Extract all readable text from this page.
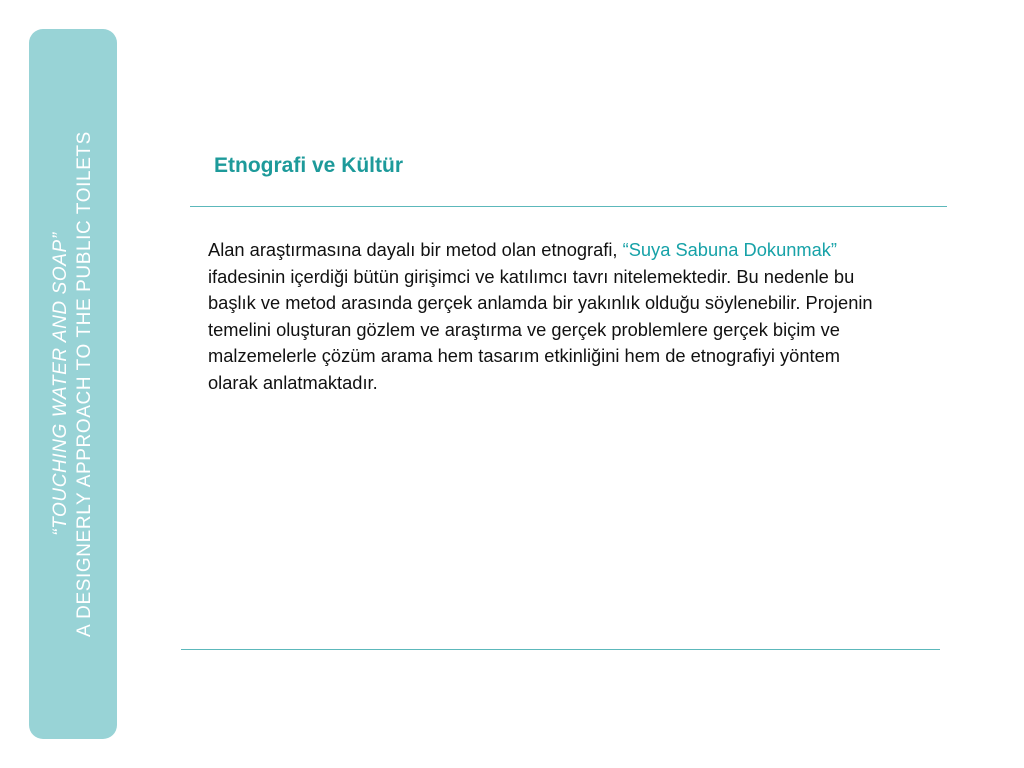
“TOUCHING WATER AND SOAP” A DESIGNERLY APPROACH TO THE PUBLIC TOILETS	Etnografi ve Kültür

Alan araştırmasına dayalı bir metod olan etnografi, “Suya Sabuna Dokunmak” ifadesinin içerdiği bütün girişimci ve katılımcı tavrı nitelemektedir. Bu nedenle bu başlık ve metod arasında gerçek anlamda bir yakınlık olduğu söylenebilir. Projenin temelini oluşturan gözlem ve araştırma ve gerçek problemlere gerçek biçim ve malzemelerle çözüm arama hem tasarım etkinliğini hem de etnografiyi yöntem olarak anlatmaktadır.
